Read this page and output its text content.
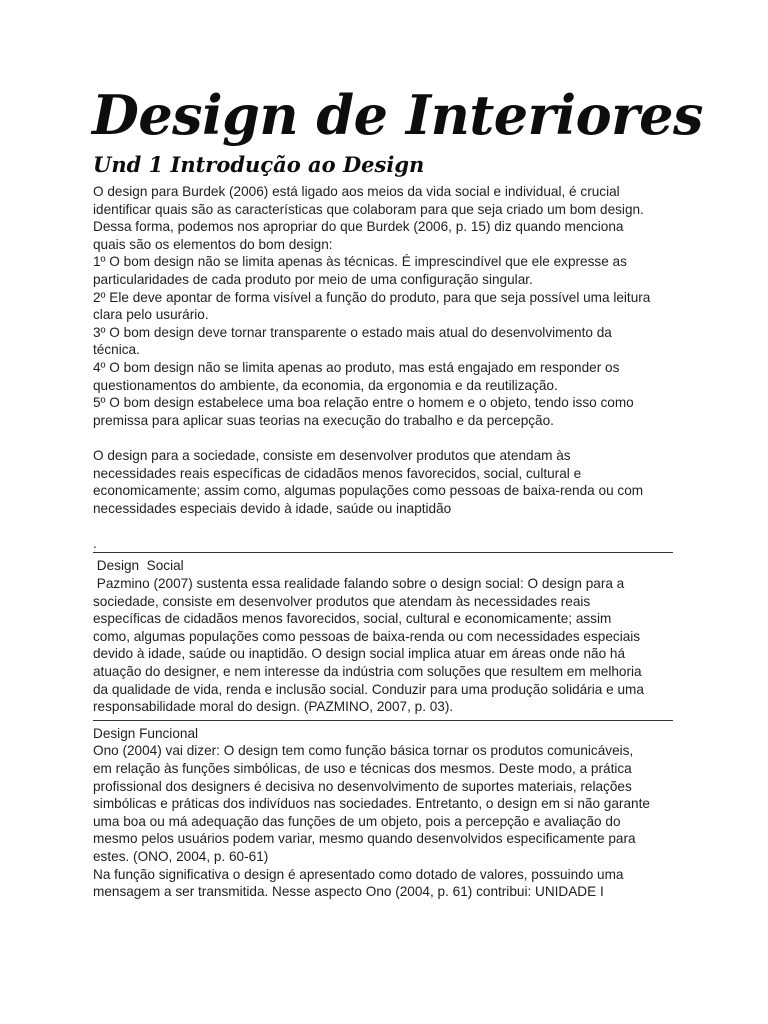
Design de Interiores
Und 1 Introdução ao Design
O design para Burdek (2006) está ligado aos meios da vida social e individual, é crucial
identificar quais são as características que colaboram para que seja criado um bom design.
Dessa forma, podemos nos apropriar do que Burdek (2006, p. 15) diz quando menciona
quais são os elementos do bom design:
1º O bom design não se limita apenas às técnicas. É imprescindível que ele expresse as
particularidades de cada produto por meio de uma configuração singular.
2º Ele deve apontar de forma visível a função do produto, para que seja possível uma leitura
clara pelo usurário.
3º O bom design deve tornar transparente o estado mais atual do desenvolvimento da
técnica.
4º O bom design não se limita apenas ao produto, mas está engajado em responder os
questionamentos do ambiente, da economia, da ergonomia e da reutilização.
5º O bom design estabelece uma boa relação entre o homem e o objeto, tendo isso como
premissa para aplicar suas teorias na execução do trabalho e da percepção.
O design para a sociedade, consiste em desenvolver produtos que atendam às
necessidades reais específicas de cidadãos menos favorecidos, social, cultural e
economicamente; assim como, algumas populações como pessoas de baixa-renda ou com
necessidades especiais devido à idade, saúde ou inaptidão
.
Design  Social
Pazmino (2007) sustenta essa realidade falando sobre o design social: O design para a
sociedade, consiste em desenvolver produtos que atendam às necessidades reais
específicas de cidadãos menos favorecidos, social, cultural e economicamente; assim
como, algumas populações como pessoas de baixa-renda ou com necessidades especiais
devido à idade, saúde ou inaptidão. O design social implica atuar em áreas onde não há
atuação do designer, e nem interesse da indústria com soluções que resultem em melhoria
da qualidade de vida, renda e inclusão social. Conduzir para uma produção solidária e uma
responsabilidade moral do design. (PAZMINO, 2007, p. 03).
Design Funcional
Ono (2004) vai dizer: O design tem como função básica tornar os produtos comunicáveis,
em relação às funções simbólicas, de uso e técnicas dos mesmos. Deste modo, a prática
profissional dos designers é decisiva no desenvolvimento de suportes materiais, relações
simbólicas e práticas dos indivíduos nas sociedades. Entretanto, o design em si não garante
uma boa ou má adequação das funções de um objeto, pois a percepção e avaliação do
mesmo pelos usuários podem variar, mesmo quando desenvolvidos especificamente para
estes. (ONO, 2004, p. 60-61)
Na função significativa o design é apresentado como dotado de valores, possuindo uma
mensagem a ser transmitida. Nesse aspecto Ono (2004, p. 61) contribui: UNIDADE I
